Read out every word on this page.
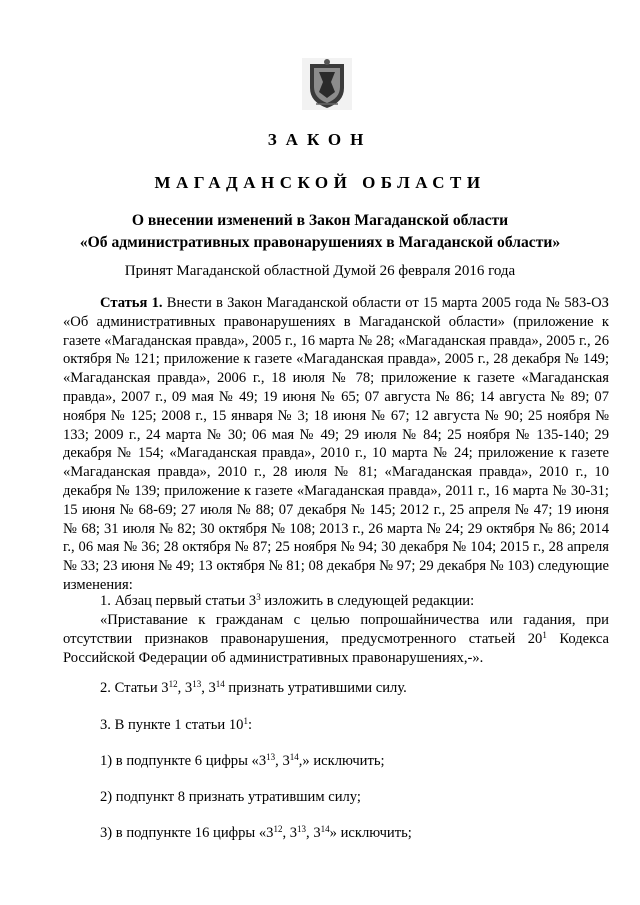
ЗАКОН
МАГАДАНСКОЙ ОБЛАСТИ
О внесении изменений в Закон Магаданской области
«Об административных правонарушениях в Магаданской области»
Принят Магаданской областной Думой 26 февраля 2016 года
Статья 1. Внести в Закон Магаданской области от 15 марта 2005 года № 583-ОЗ «Об административных правонарушениях в Магаданской области» (приложение к газете «Магаданская правда», 2005 г., 16 марта № 28; «Магаданская правда», 2005 г., 26 октября № 121; приложение к газете «Магаданская правда», 2005 г., 28 декабря № 149; «Магаданская правда», 2006 г., 18 июля № 78; приложение к газете «Магаданская правда», 2007 г., 09 мая № 49; 19 июня № 65; 07 августа № 86; 14 августа № 89; 07 ноября № 125; 2008 г., 15 января № 3; 18 июня № 67; 12 августа № 90; 25 ноября № 133; 2009 г., 24 марта № 30; 06 мая № 49; 29 июля № 84; 25 ноября № 135-140; 29 декабря № 154; «Магаданская правда», 2010 г., 10 марта № 24; приложение к газете «Магаданская правда», 2010 г., 28 июля № 81; «Магаданская правда», 2010 г., 10 декабря № 139; приложение к газете «Магаданская правда», 2011 г., 16 марта № 30-31; 15 июня № 68-69; 27 июля № 88; 07 декабря № 145; 2012 г., 25 апреля № 47; 19 июня № 68; 31 июля № 82; 30 октября № 108; 2013 г., 26 марта № 24; 29 октября № 86; 2014 г., 06 мая № 36; 28 октября № 87; 25 ноября № 94; 30 декабря № 104; 2015 г., 28 апреля № 33; 23 июня № 49; 13 октября № 81; 08 декабря № 97; 29 декабря № 103) следующие изменения:
1. Абзац первый статьи $3^3$ изложить в следующей редакции:
«Приставание к гражданам с целью попрошайничества или гадания, при отсутствии признаков правонарушения, предусмотренного статьей $20^1$ Кодекса Российской Федерации об административных правонарушениях,-».
2. Статьи $3^{12}$, $3^{13}$, $3^{14}$ признать утратившими силу.
3. В пункте 1 статьи $10^1$:
1) в подпункте 6 цифры «$3^{13}$, $3^{14}$,» исключить;
2) подпункт 8 признать утратившим силу;
3) в подпункте 16 цифры «$3^{12}$, $3^{13}$, $3^{14}$» исключить;
